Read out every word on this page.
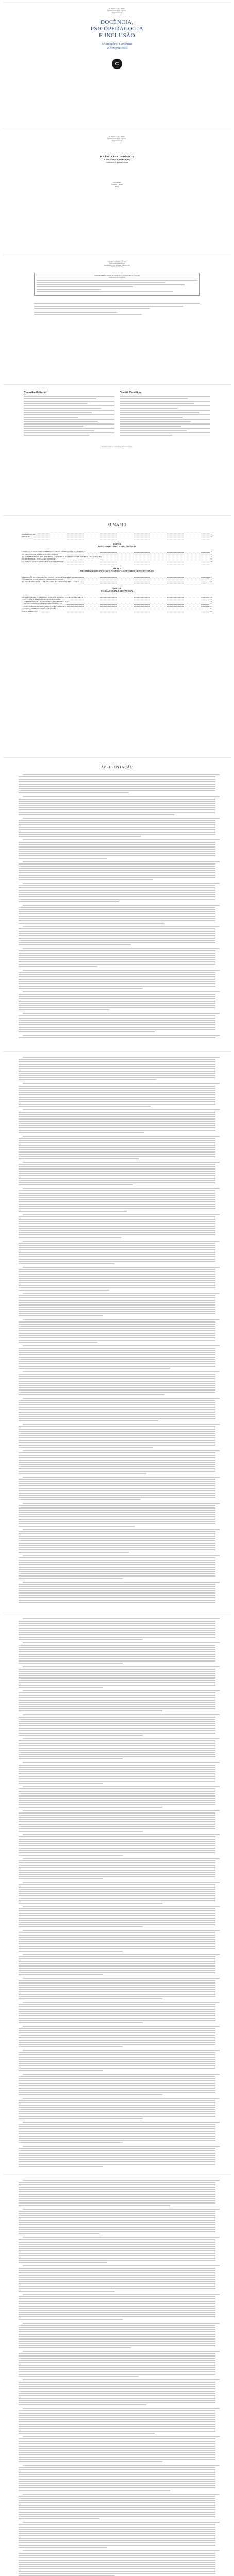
Rosângela Lopes Borges
Marlene Fernandes Sobreiro
(Organizadoras)
DOCÊNCIA,
PSICOPEDAGOGIA
E INCLUSÃO
Motivações, Contextos
e Perspectivas
C
Rosângela Lopes Borges
Marlene Fernandes Sobreiro
(Organizadoras)
DOCÊNCIA, PSICOPEDAGOGIA
E INCLUSÃO: motivações,
contextos e perspectivas
Editora CRV
Curitiba – Brasil
2023
Copyright © da Editora CRV Ltda.
Editor-chefe: Railson Moura
Diagramação e Capa: Designers da Editora CRV
Revisão: Os Autores
DADOS INTERNACIONAIS DE CATALOGAÇÃO NA PUBLICAÇÃO (CIP)
CATALOGAÇÃO NA FONTE
Conselho Editorial:	Comitê Científico:
Este livro foi avaliado e aprovado por pareceristas ad hoc.
SUMÁRIO
APRESENTAÇÃO	11
PREFÁCIO	15
PARTE I
ASPECTOS HISTÓRICOS PARA DOCÊNCIA
1 MOTIVAÇÃO DOCENTE: EXPERIÊNCIA DE UM PROFESSOR DE MATEMÁTICA	19
2 O PROFESSOR E AS RELAÇÕES DE ENSINO	33
3 O AMBIENTE ESCOLAR E A MOTIVAÇÃO DOCENTE NO PROCESSO DE ENSINO E APRENDIZAGEM	47
4 A DOCÊNCIA NA EDUCAÇÃO SUPERIOR	63
5 A FORMAÇÃO E SUA INFLUÊNCIA NO PROFESSOR	79
PARTE II
PSICOPEDAGOGIA E PROCESSOS INCLUSIVOS: CONTEXTOS E ESPECIFICIDADES
6 PRODUÇÃO DE LINGUAGENS: SIGNOS E PSICOPEDAGOGIA	95
7 ESTUDO DE CASO SOBRE A SÍNDROME DE DOWN	113
8 O USO DE RECURSOS LÚDICOS COMO RECURSO PSICOPEDAGÓGICO	127
PARTE III
INCLUSÃO SOCIAL E EDUCACIONAL
9 A INCLUSÃO DA PESSOA COM DEFICIÊNCIA NO MERCADO DE TRABALHO	143
10 INCLUSÃO E AS POLÍTICAS EDUCACIONAIS	161
11 ACESSIBILIDADE ARQUITETÔNICA EM UMA PÚBLICA	179
12 PROTAGONISMO DO ESTUDANTE E INCLUSÃO	193
13 EDUCAÇÃO INCLUSIVA NA EDUCAÇÃO INFANTIL	211
14 O PAPEL DO PROFESSOR NA INCLUSÃO	227
ÍNDICE REMISSIVO	245
APRESENTAÇÃO
